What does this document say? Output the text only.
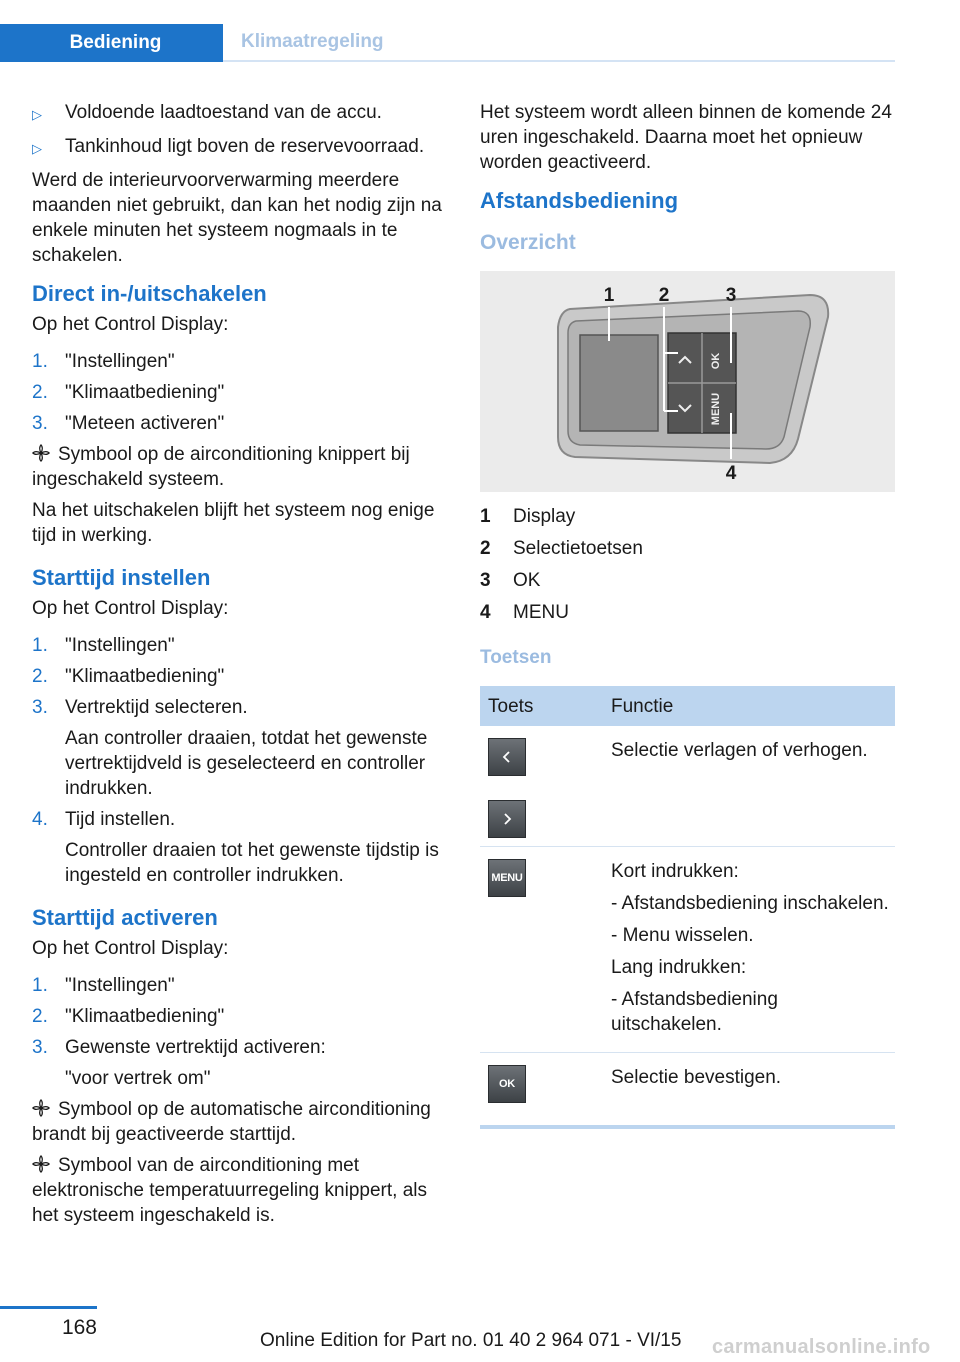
Bediening	Klimaatregeling
▷	Voldoende laadtoestand van de accu.
▷	Tankinhoud ligt boven de reservevoorraad.

Werd de interieurvoorverwarming meerdere maanden niet gebruikt, dan kan het nodig zijn na enkele minuten het systeem nogmaals in te schakelen.

Direct in-/uitschakelen

Op het Control Display:

1. "Instellingen"
2. "Klimaatbediening"
3. "Meteen activeren"

Symbool op de airconditioning knippert bij ingeschakeld systeem.

Na het uitschakelen blijft het systeem nog enige tijd in werking.

Starttijd instellen

Op het Control Display:

1. "Instellingen"
2. "Klimaatbediening"
3. Vertrektijd selecteren.
Aan controller draaien, totdat het gewenste vertrektijdveld is geselecteerd en controller indrukken.
4. Tijd instellen.
Controller draaien tot het gewenste tijdstip is ingesteld en controller indrukken.
Starttijd activeren

Op het Control Display:

1. "Instellingen"
2. "Klimaatbediening"
3. Gewenste vertrektijd activeren:
"voor vertrek om"

Symbool op de automatische airconditioning brandt bij geactiveerde starttijd.

Symbool van de airconditioning met elektronische temperatuurregeling knippert, als het systeem ingeschakeld is.

Het systeem wordt alleen binnen de komende 24 uren ingeschakeld. Daarna moet het opnieuw worden geactiveerd.

Afstandsbediening
Overzicht
OK
MENU
1 2	3
4
1	Display
2	Selectietoetsen
3	OK
4	MENU
Toetsen
Toets	Functie

	Selectie verlagen of verhogen.

MENU	Kort indrukken:

- Afstandsbediening inschakelen.

- Menu wisselen.

Lang indrukken:

- Afstandsbediening uitschakelen.

OK	Selectie bevestigen.
168
Online Edition for Part no. 01 40 2 964 071 - VI/15 carmanualsonline.info
